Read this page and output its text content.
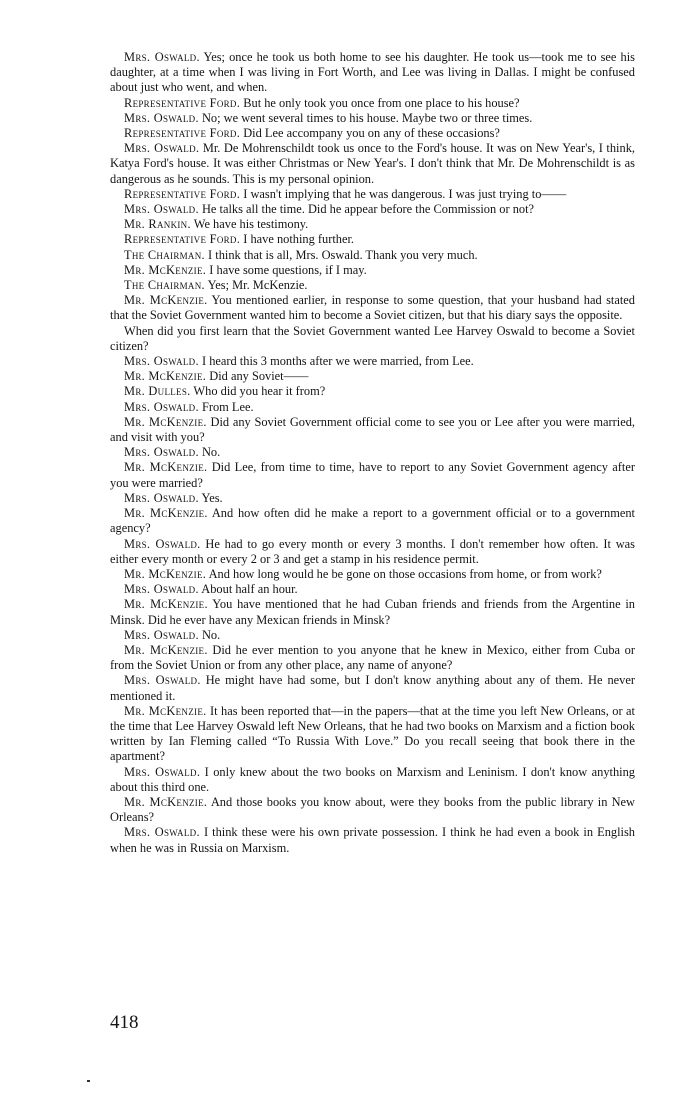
Mrs. Oswald. Yes; once he took us both home to see his daughter. He took us—took me to see his daughter, at a time when I was living in Fort Worth, and Lee was living in Dallas. I might be confused about just who went, and when.

Representative Ford. But he only took you once from one place to his house?

Mrs. Oswald. No; we went several times to his house. Maybe two or three times.

Representative Ford. Did Lee accompany you on any of these occasions?

Mrs. Oswald. Mr. De Mohrenschildt took us once to the Ford's house. It was on New Year's, I think, Katya Ford's house. It was either Christmas or New Year's. I don't think that Mr. De Mohrenschildt is as dangerous as he sounds. This is my personal opinion.

Representative Ford. I wasn't implying that he was dangerous. I was just trying to——

Mrs. Oswald. He talks all the time. Did he appear before the Commission or not?

Mr. Rankin. We have his testimony.

Representative Ford. I have nothing further.

The Chairman. I think that is all, Mrs. Oswald. Thank you very much.

Mr. McKenzie. I have some questions, if I may.

The Chairman. Yes; Mr. McKenzie.

Mr. McKenzie. You mentioned earlier, in response to some question, that your husband had stated that the Soviet Government wanted him to become a Soviet citizen, but that his diary says the opposite.

When did you first learn that the Soviet Government wanted Lee Harvey Oswald to become a Soviet citizen?

Mrs. Oswald. I heard this 3 months after we were married, from Lee.

Mr. McKenzie. Did any Soviet——

Mr. Dulles. Who did you hear it from?

Mrs. Oswald. From Lee.

Mr. McKenzie. Did any Soviet Government official come to see you or Lee after you were married, and visit with you?

Mrs. Oswald. No.

Mr. McKenzie. Did Lee, from time to time, have to report to any Soviet Government agency after you were married?

Mrs. Oswald. Yes.

Mr. McKenzie. And how often did he make a report to a government official or to a government agency?

Mrs. Oswald. He had to go every month or every 3 months. I don't remember how often. It was either every month or every 2 or 3 and get a stamp in his residence permit.

Mr. McKenzie. And how long would he be gone on those occasions from home, or from work?

Mrs. Oswald. About half an hour.

Mr. McKenzie. You have mentioned that he had Cuban friends and friends from the Argentine in Minsk. Did he ever have any Mexican friends in Minsk?

Mrs. Oswald. No.

Mr. McKenzie. Did he ever mention to you anyone that he knew in Mexico, either from Cuba or from the Soviet Union or from any other place, any name of anyone?

Mrs. Oswald. He might have had some, but I don't know anything about any of them. He never mentioned it.

Mr. McKenzie. It has been reported that—in the papers—that at the time you left New Orleans, or at the time that Lee Harvey Oswald left New Orleans, that he had two books on Marxism and a fiction book written by Ian Fleming called “To Russia With Love.” Do you recall seeing that book there in the apartment?

Mrs. Oswald. I only knew about the two books on Marxism and Leninism. I don't know anything about this third one.

Mr. McKenzie. And those books you know about, were they books from the public library in New Orleans?

Mrs. Oswald. I think these were his own private possession. I think he had even a book in English when he was in Russia on Marxism.

418
